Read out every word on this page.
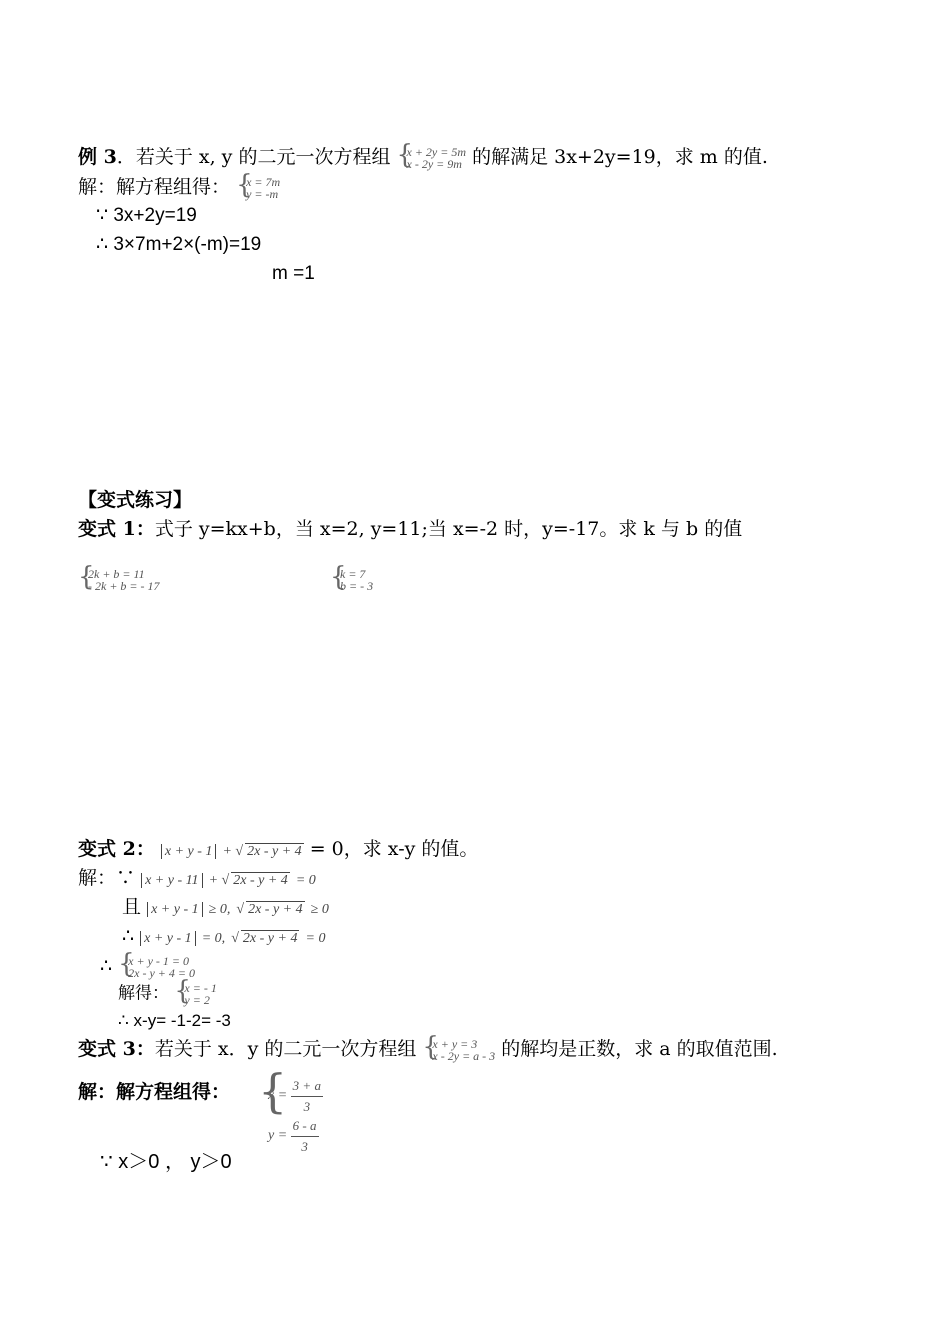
例 3．若关于 x, y 的二元一次方程组 { x + 2y = 5m
x - 2y = 9m 的解满足 3x+2y=19，求 m 的值.
解：解方程组得： { x = 7m
y = -m
∵ 3x+2y=19
∴ 3×7m+2×(-m)=19
m =1
【变式练习】
变式 1：式子 y=kx+b，当 x=2, y=11;当 x=-2 时，y=-17。求 k 与 b 的值
{ 2k + b = 11
- 2k + b = - 17
{ k = 7
b = - 3
变式 2： x + y - 1 + √ 2x - y + 4 = 0，求 x-y 的值。
解：∵ x + y - 11 + √ 2x - y + 4 = 0
且 x + y - 1 ≥ 0, √ 2x - y + 4 ≥ 0
∴ x + y - 1 = 0, √ 2x - y + 4 = 0
∴ { x + y - 1 = 0
2x - y + 4 = 0
解得： { x = - 1
y = 2
∴ x-y= -1-2= -3
变式 3：若关于 x．y 的二元一次方程组 { x + y = 3
x - 2y = a - 3 的解均是正数，求 a 的取值范围.
解：解方程组得：	{ $x = \frac{3 + a}{3}$
$y = \frac{6 - a}{3}$
∵ x＞0 ， y＞0
